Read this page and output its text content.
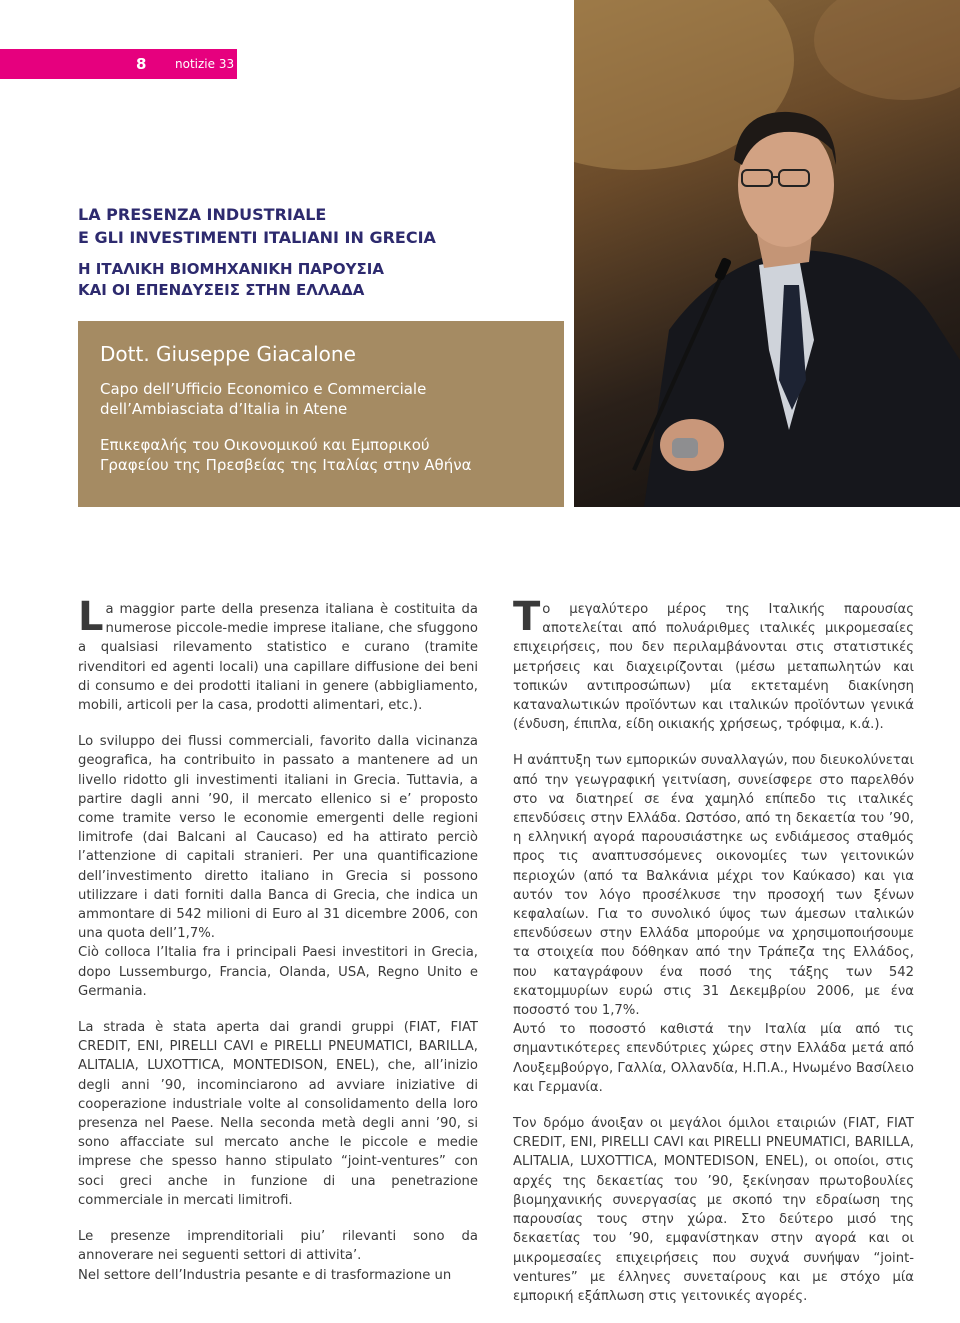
8 notizie 33
LA PRESENZA INDUSTRIALE
E GLI INVESTIMENTI ITALIANI IN GRECIA
Η ΙΤΑΛΙΚΗ ΒΙΟΜΗΧΑΝΙΚΗ ΠΑΡΟΥΣΙΑ
ΚΑΙ ΟΙ ΕΠΕΝΔΥΣΕΙΣ ΣΤΗΝ ΕΛΛΑΔΑ
Dott. Giuseppe Giacalone
Capo dell’Ufficio Economico e Commerciale
dell’Ambiasciata d’Italia in Atene
Επικεφαλής του Οικονομικού και Εμπορικού
Γραφείου της Πρεσβείας της Ιταλίας στην Αθήνα

La maggior parte della presenza italiana è costituita da numerose piccole-medie imprese italiane, che sfuggono a qualsiasi rilevamento statistico e curano (tramite rivenditori ed agenti locali) una capillare diffusione dei beni di consumo e dei prodotti italiani in genere (abbigliamento, mobili, articoli per la casa, prodotti alimentari, etc.).

Lo sviluppo dei flussi commerciali, favorito dalla vicinanza geografica, ha contribuito in passato a mantenere ad un livello ridotto gli investimenti italiani in Grecia. Tuttavia, a partire dagli anni ’90, il mercato ellenico si e’ proposto come tramite verso le economie emergenti delle regioni limitrofe (dai Balcani al Caucaso) ed ha attirato perciò l’attenzione di capitali stranieri. Per una quantificazione dell’investimento diretto italiano in Grecia si possono utilizzare i dati forniti dalla Banca di Grecia, che indica un ammontare di 542 milioni di Euro al 31 dicembre 2006, con una quota dell’1,7%.

Ciò colloca l’Italia fra i principali Paesi investitori in Grecia, dopo Lussemburgo, Francia, Olanda, USA, Regno Unito e Germania.

La strada è stata aperta dai grandi gruppi (FIAT, FIAT CREDIT, ENI, PIRELLI CAVI e PIRELLI PNEUMATICI, BARILLA, ALITALIA, LUXOTTICA, MONTEDISON, ENEL), che, all’inizio degli anni ’90, incominciarono ad avviare iniziative di cooperazione industriale volte al consolidamento della loro presenza nel Paese. Nella seconda metà degli anni ’90, si sono affacciate sul mercato anche le piccole e medie imprese che spesso hanno stipulato “joint-ventures” con soci greci anche in funzione di una penetrazione commerciale in mercati limitrofi.

Le presenze imprenditoriali piu’ rilevanti sono da annoverare nei seguenti settori di attivita’.

Nel settore dell’Industria pesante e di trasformazione un

Το μεγαλύτερο μέρος της Ιταλικής παρουσίας αποτελείται από πολυάριθμες ιταλικές μικρομεσαίες επιχειρήσεις, που δεν περιλαμβάνονται στις στατιστικές μετρήσεις και διαχειρίζονται (μέσω μεταπωλητών και τοπικών αντιπροσώπων) μία εκτεταμένη διακίνηση καταναλωτικών προϊόντων και ιταλικών προϊόντων γενικά (ένδυση, έπιπλα, είδη οικιακής χρήσεως, τρόφιμα, κ.ά.).

Η ανάπτυξη των εμπορικών συναλλαγών, που διευκολύνεται από την γεωγραφική γειτνίαση, συνείσφερε στο παρελθόν στο να διατηρεί σε ένα χαμηλό επίπεδο τις ιταλικές επενδύσεις στην Ελλάδα. Ωστόσο, από τη δεκαετία του ’90, η ελληνική αγορά παρουσιάστηκε ως ενδιάμεσος σταθμός προς τις αναπτυσσόμενες οικονομίες των γειτονικών περιοχών (από τα Βαλκάνια μέχρι τον Καύκασο) και για αυτόν τον λόγο προσέλκυσε την προσοχή των ξένων κεφαλαίων. Για το συνολικό ύψος των άμεσων ιταλικών επενδύσεων στην Ελλάδα μπορούμε να χρησιμοποιήσουμε τα στοιχεία που δόθηκαν από την Τράπεζα της Ελλάδος, που καταγράφουν ένα ποσό της τάξης των 542 εκατομμυρίων ευρώ στις 31 Δεκεμβρίου 2006, με ένα ποσοστό του 1,7%.

Αυτό το ποσοστό καθιστά την Ιταλία μία από τις σημαντικότερες επενδύτριες χώρες στην Ελλάδα μετά από Λουξεμβούργο, Γαλλία, Ολλανδία, Η.Π.Α., Ηνωμένο Βασίλειο και Γερμανία.

Τον δρόμο άνοιξαν οι μεγάλοι όμιλοι εταιριών (FIAT, FIAT CREDIT, ENI, PIRELLI CAVI και PIRELLI PNEUMATICI, BARILLA, ALITALIA, LUXOTTICA, MONTEDISON, ENEL), οι οποίοι, στις αρχές της δεκαετίας του ’90, ξεκίνησαν πρωτοβουλίες βιομηχανικής συνεργασίας με σκοπό την εδραίωση της παρουσίας τους στην χώρα. Στο δεύτερο μισό της δεκαετίας του ’90, εμφανίστηκαν στην αγορά και οι μικρομεσαίες επιχειρήσεις που συχνά συνήψαν “joint-ventures” με έλληνες συνεταίρους και με στόχο μία εμπορική εξάπλωση στις γειτονικές αγορές.
